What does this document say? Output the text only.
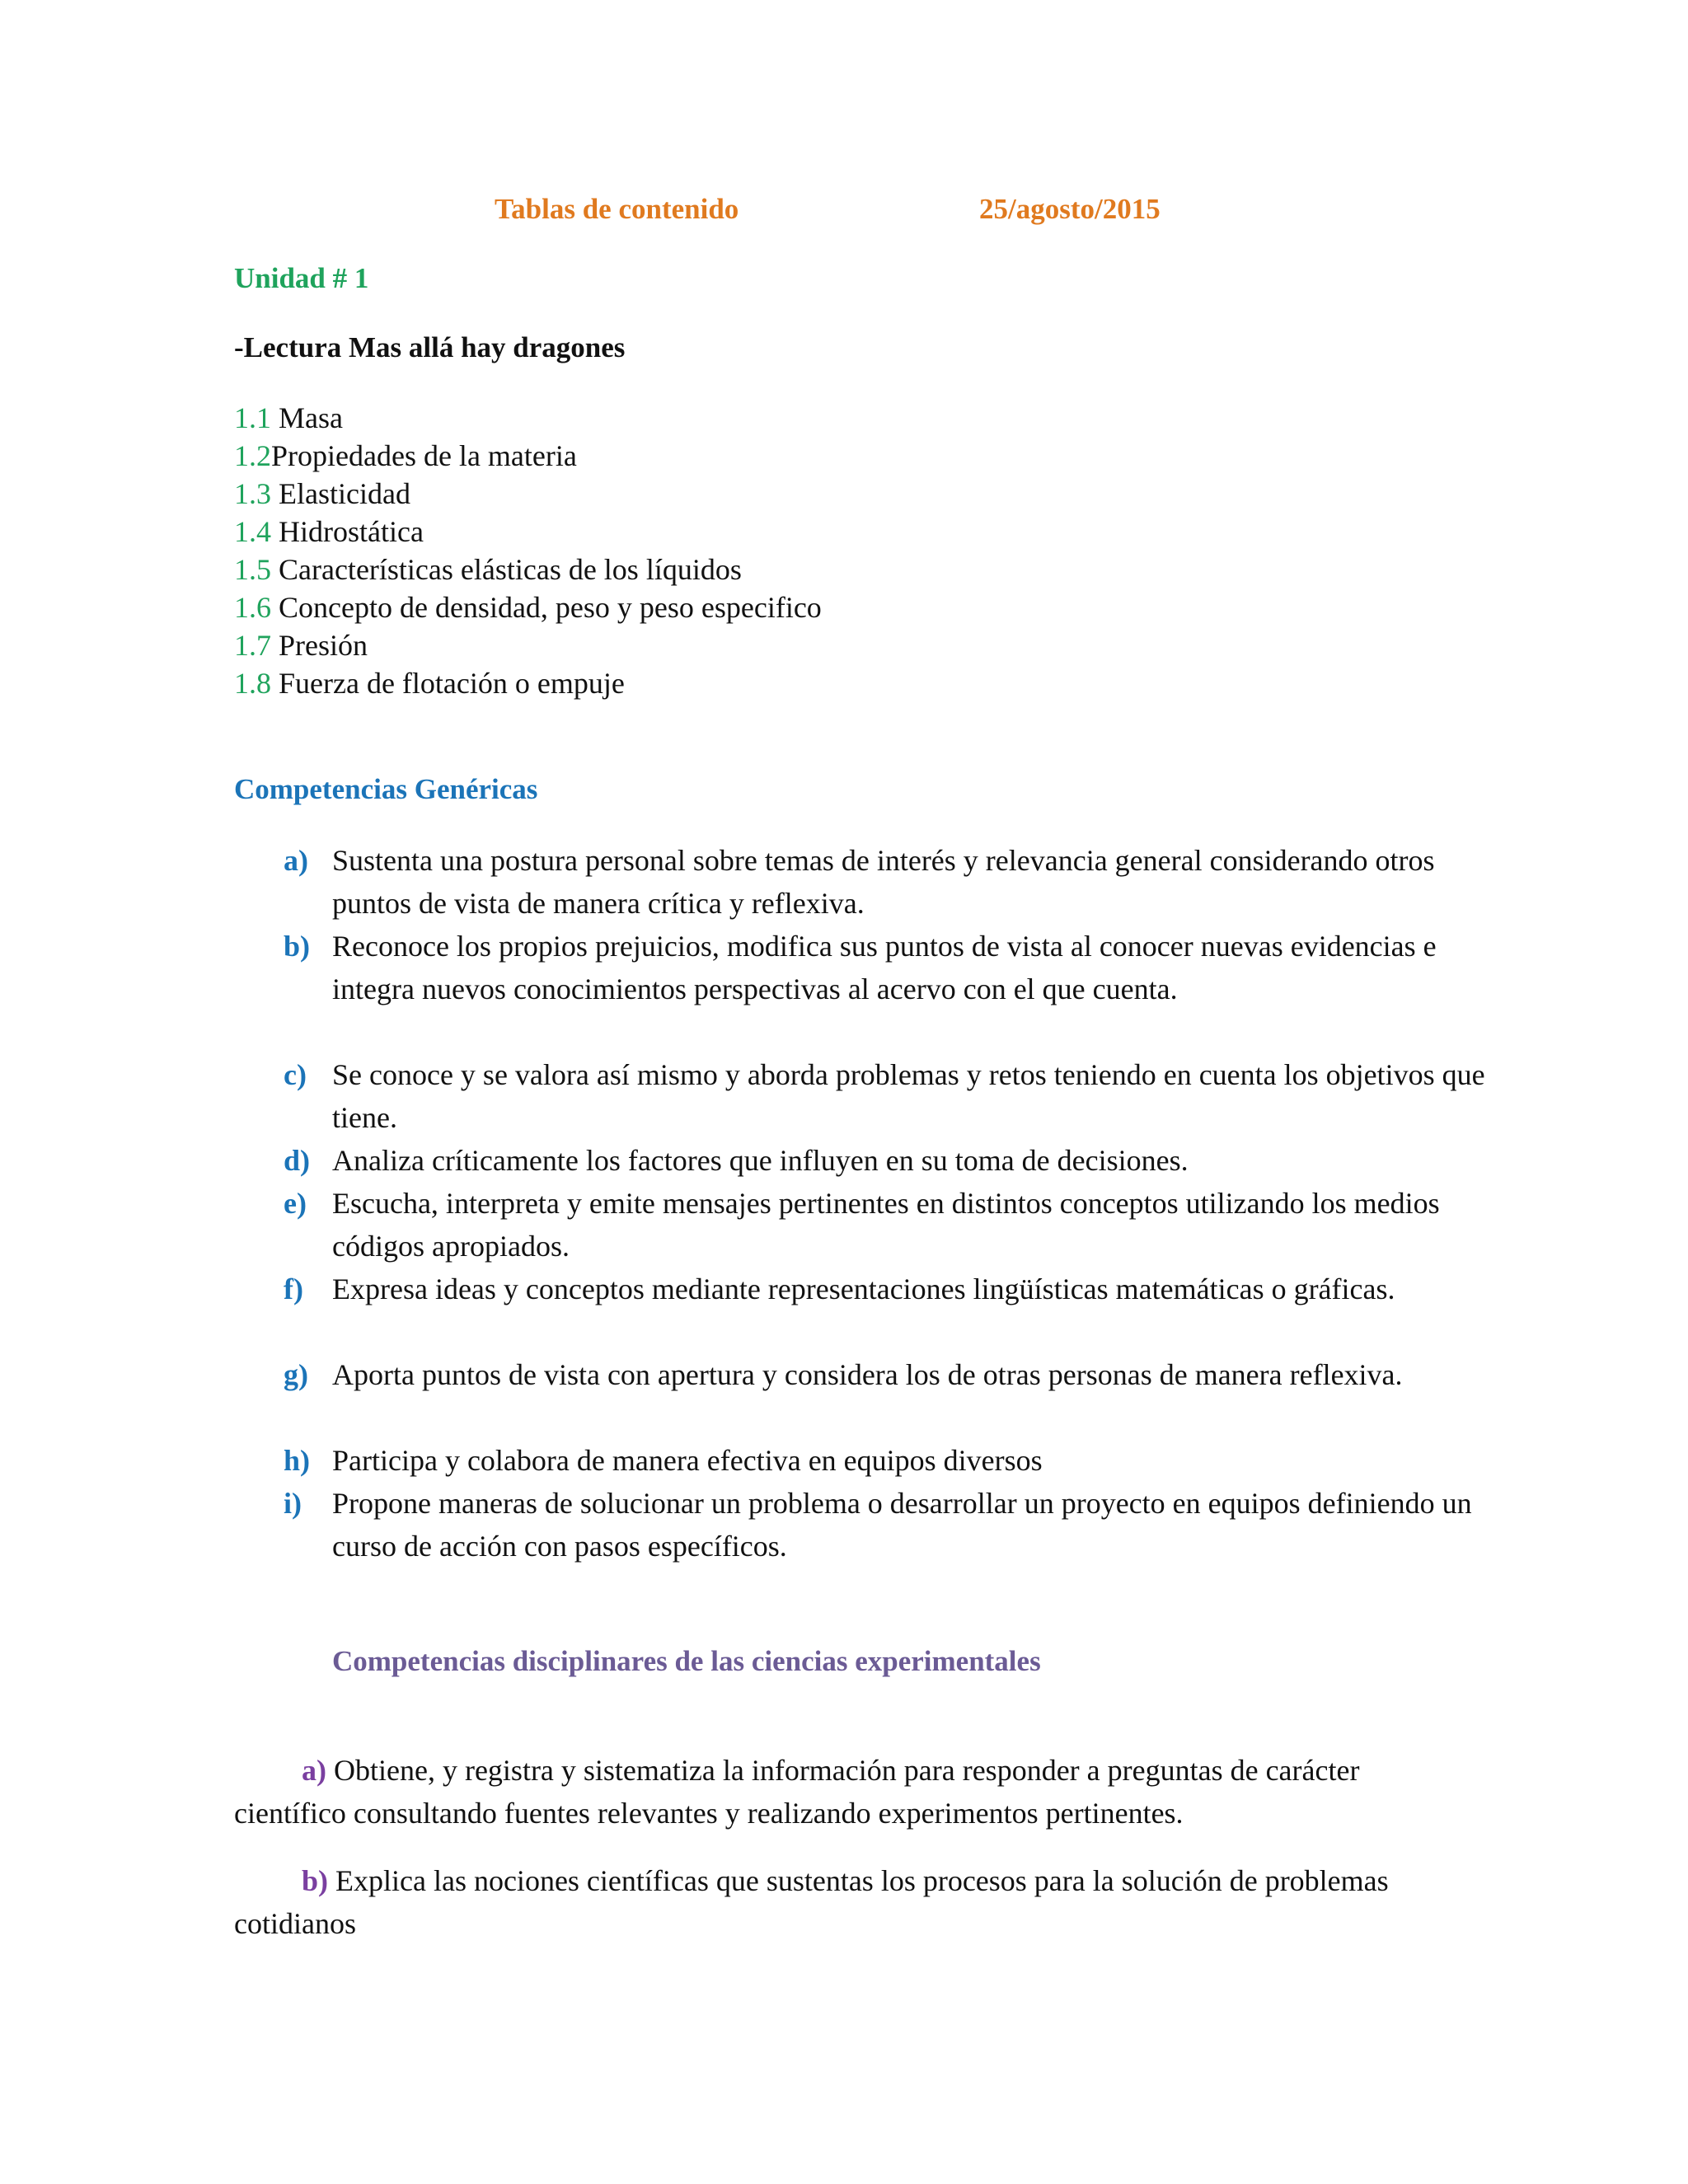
Tablas de contenido	25/agosto/2015
Unidad # 1
-Lectura Mas allá hay dragones
1.1 Masa
1.2Propiedades de la materia
1.3 Elasticidad
1.4 Hidrostática
1.5 Características elásticas de los líquidos
1.6 Concepto de densidad, peso y peso especifico
1.7 Presión
1.8 Fuerza de flotación o empuje
Competencias Genéricas
a) Sustenta una postura personal sobre temas de interés y relevancia general considerando otros puntos de vista de manera crítica y reflexiva.
b) Reconoce los propios prejuicios, modifica sus puntos de vista al conocer nuevas evidencias e integra nuevos conocimientos perspectivas al acervo con el que cuenta.
c) Se conoce y se valora así mismo y aborda problemas y retos teniendo en cuenta los objetivos que tiene.
d) Analiza críticamente los factores que influyen en su toma de decisiones.
e) Escucha, interpreta y emite mensajes pertinentes en distintos conceptos utilizando los medios códigos apropiados.
f) Expresa ideas y conceptos mediante representaciones lingüísticas matemáticas o gráficas.
g) Aporta puntos de vista con apertura y considera los de otras personas de manera reflexiva.
h) Participa y colabora de manera efectiva en equipos diversos
i) Propone maneras de solucionar un problema o desarrollar un proyecto en equipos definiendo un curso de acción con pasos específicos.
Competencias disciplinares de las ciencias experimentales
a) Obtiene, y registra y sistematiza la información para responder a preguntas de carácter científico consultando fuentes relevantes y realizando experimentos pertinentes.
b) Explica las nociones científicas que sustentas los procesos para la solución de problemas cotidianos
